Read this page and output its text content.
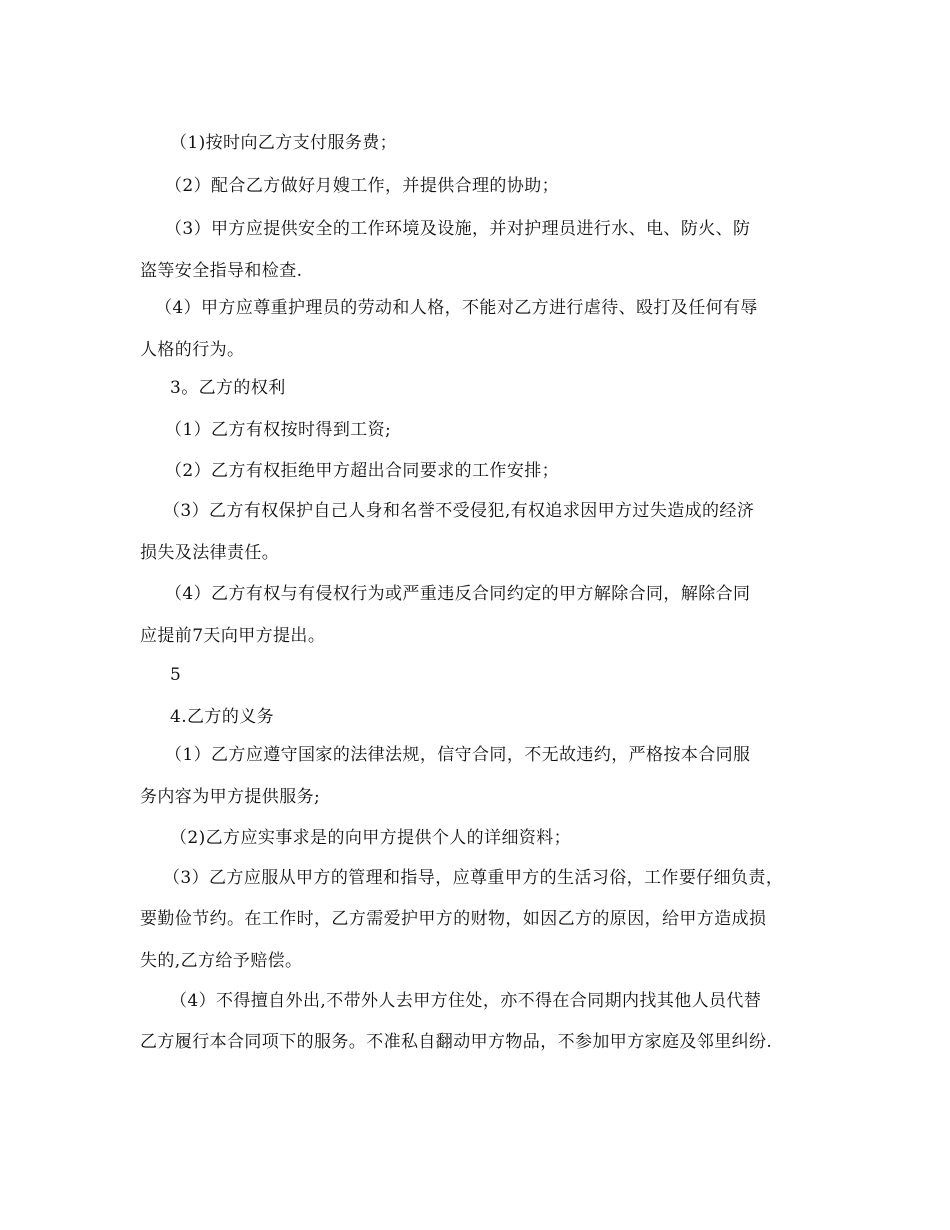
（1)按时向乙方支付服务费；
（2）配合乙方做好月嫂工作，并提供合理的协助；
（3）甲方应提供安全的工作环境及设施，并对护理员进行水、电、防火、防
盗等安全指导和检查.
（4）甲方应尊重护理员的劳动和人格，不能对乙方进行虐待、殴打及任何有辱
人格的行为。
3。乙方的权利
（1）乙方有权按时得到工资;
（2）乙方有权拒绝甲方超出合同要求的工作安排；
（3）乙方有权保护自己人身和名誉不受侵犯,有权追求因甲方过失造成的经济
损失及法律责任。
（4）乙方有权与有侵权行为或严重违反合同约定的甲方解除合同，解除合同
应提前7天向甲方提出。
5
4.乙方的义务
（1）乙方应遵守国家的法律法规，信守合同，不无故违约，严格按本合同服
务内容为甲方提供服务;
（2)乙方应实事求是的向甲方提供个人的详细资料；
（3）乙方应服从甲方的管理和指导，应尊重甲方的生活习俗，工作要仔细负责，
要勤俭节约。在工作时，乙方需爱护甲方的财物，如因乙方的原因，给甲方造成损
失的,乙方给予赔偿。
（4）不得擅自外出,不带外人去甲方住处，亦不得在合同期内找其他人员代替
乙方履行本合同项下的服务。不准私自翻动甲方物品，不参加甲方家庭及邻里纠纷.
